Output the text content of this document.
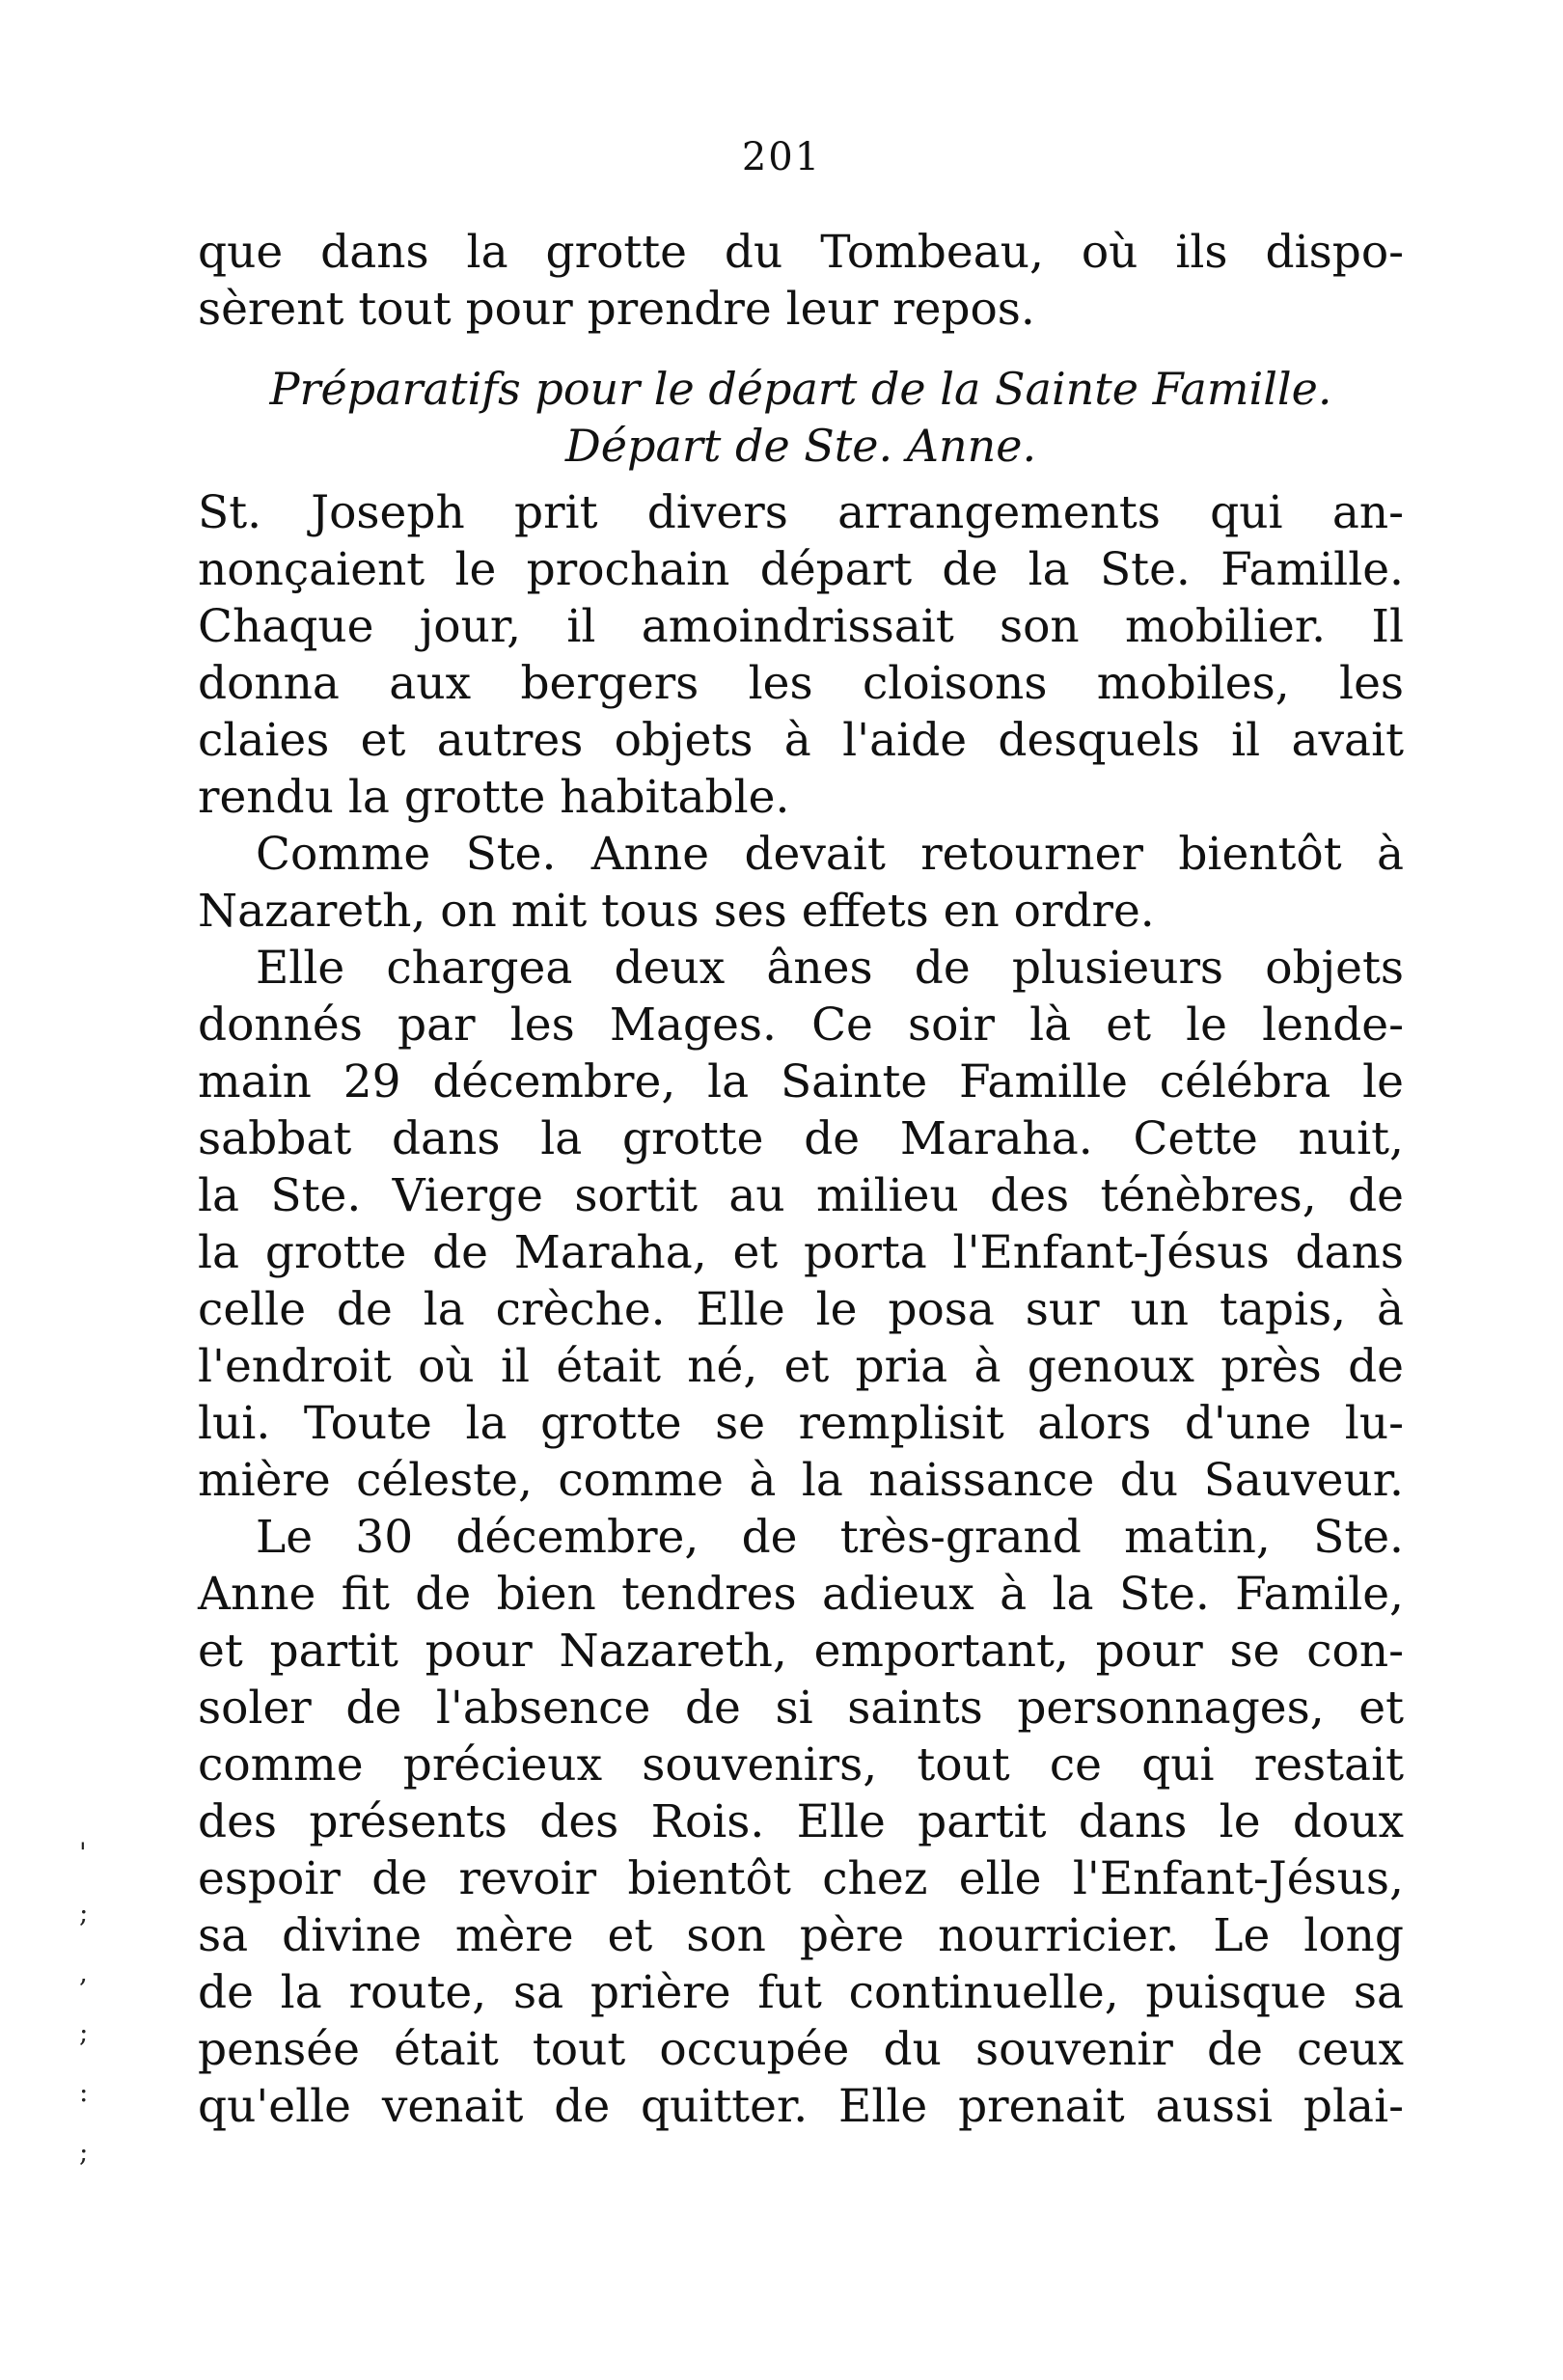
201
que dans la grotte du Tombeau, où ils dispo-
sèrent tout pour prendre leur repos.
Préparatifs pour le départ de la Sainte Famille.
Départ de Ste. Anne.
St. Joseph prit divers arrangements qui an-
nonçaient le prochain départ de la Ste. Famille.
Chaque jour, il amoindrissait son mobilier. Il
donna aux bergers les cloisons mobiles, les
claies et autres objets à l'aide desquels il avait
rendu la grotte habitable.
Comme Ste. Anne devait retourner bientôt à
Nazareth, on mit tous ses effets en ordre.
Elle chargea deux ânes de plusieurs objets
donnés par les Mages. Ce soir là et le lende-
main 29 décembre, la Sainte Famille célébra le
sabbat dans la grotte de Maraha. Cette nuit,
la Ste. Vierge sortit au milieu des ténèbres, de
la grotte de Maraha, et porta l'Enfant-Jésus dans
celle de la crèche. Elle le posa sur un tapis, à
l'endroit où il était né, et pria à genoux près de
lui. Toute la grotte se remplisit alors d'une lu-
mière céleste, comme à la naissance du Sauveur.
Le 30 décembre, de très-grand matin, Ste.
Anne fit de bien tendres adieux à la Ste. Famile,
et partit pour Nazareth, emportant, pour se con-
soler de l'absence de si saints personnages, et
comme précieux souvenirs, tout ce qui restait
des présents des Rois. Elle partit dans le doux
espoir de revoir bientôt chez elle l'Enfant-Jésus,
sa divine mère et son père nourricier. Le long
de la route, sa prière fut continuelle, puisque sa
pensée était tout occupée du souvenir de ceux
qu'elle venait de quitter. Elle prenait aussi plai-
'
;
,
;
:
;
